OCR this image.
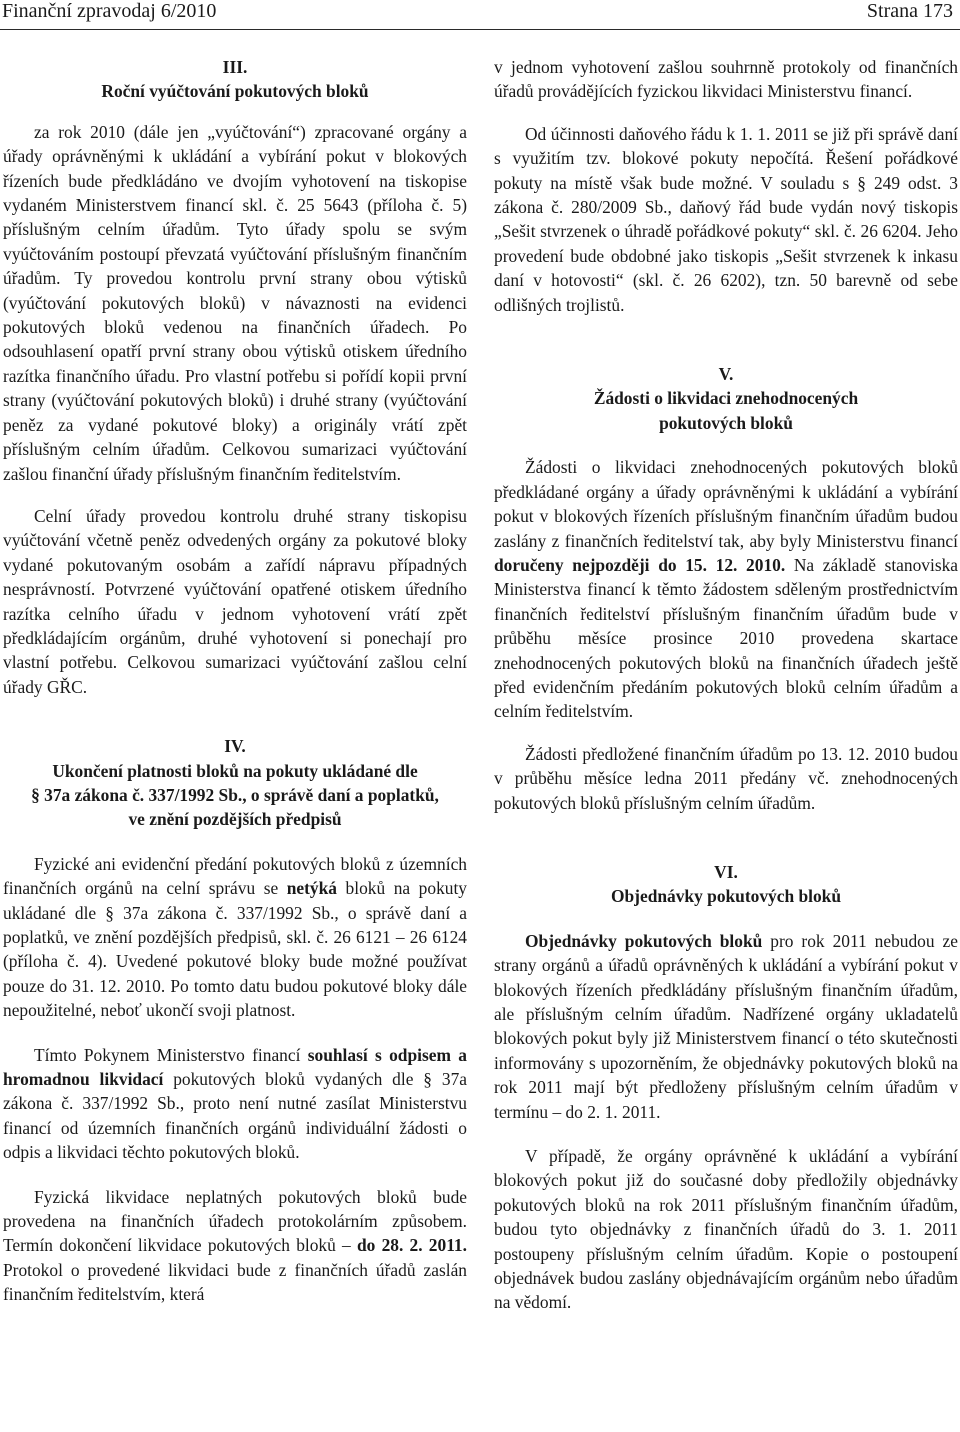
Finanční zpravodaj 6/2010	Strana 173
III.
Roční vyúčtování pokutových bloků

za rok 2010 (dále jen „vyúčtování“) zpracované orgány a úřady oprávněnými k ukládání a vybírání pokut v blokových řízeních bude předkládáno ve dvojím vyhotovení na tiskopise vydaném Ministerstvem financí skl. č. 25 5643 (příloha č. 5) příslušným celním úřadům. Tyto úřady spolu se svým vyúčtováním postoupí převzatá vyúčtování příslušným finančním úřadům. Ty provedou kontrolu první strany obou výtisků (vyúčtování pokutových bloků) v návaznosti na evidenci pokutových bloků vedenou na finančních úřadech. Po odsouhlasení opatří první strany obou výtisků otiskem úředního razítka finančního úřadu. Pro vlastní potřebu si pořídí kopii první strany (vyúčtování pokutových bloků) i druhé strany (vyúčtování peněz za vydané pokutové bloky) a originály vrátí zpět příslušným celním úřadům. Celkovou sumarizaci vyúčtování zašlou finanční úřady příslušným finančním ředitelstvím.

Celní úřady provedou kontrolu druhé strany tiskopisu vyúčtování včetně peněz odvedených orgány za pokutové bloky vydané pokutovaným osobám a zařídí nápravu případných nesprávností. Potvrzené vyúčtování opatřené otiskem úředního razítka celního úřadu v jednom vyhotovení vrátí zpět předkládajícím orgánům, druhé vyhotovení si ponechají pro vlastní potřebu. Celkovou sumarizaci vyúčtování zašlou celní úřady GŘC.

IV.
Ukončení platnosti bloků na pokuty ukládané dle
§ 37a zákona č. 337/1992 Sb., o správě daní a poplatků,
ve znění pozdějších předpisů

Fyzické ani evidenční předání pokutových bloků z územních finančních orgánů na celní správu se netýká bloků na pokuty ukládané dle § 37a zákona č. 337/1992 Sb., o správě daní a poplatků, ve znění pozdějších předpisů, skl. č. 26 6121 – 26 6124 (příloha č. 4). Uvedené pokutové bloky bude možné používat pouze do 31. 12. 2010. Po tomto datu budou pokutové bloky dále nepoužitelné, neboť ukončí svoji platnost.

Tímto Pokynem Ministerstvo financí souhlasí s odpisem a hromadnou likvidací pokutových bloků vydaných dle § 37a zákona č. 337/1992 Sb., proto není nutné zasílat Ministerstvu financí od územních finančních orgánů individuální žádosti o odpis a likvidaci těchto pokutových bloků.

Fyzická likvidace neplatných pokutových bloků bude provedena na finančních úřadech protokolárním způsobem. Termín dokončení likvidace pokutových bloků – do 28. 2. 2011. Protokol o provedené likvidaci bude z finančních úřadů zaslán finančním ředitelstvím, která

v jednom vyhotovení zašlou souhrnně protokoly od finančních úřadů provádějících fyzickou likvidaci Ministerstvu financí.

Od účinnosti daňového řádu k 1. 1. 2011 se již při správě daní s využitím tzv. blokové pokuty nepočítá. Řešení pořádkové pokuty na místě však bude možné. V souladu s § 249 odst. 3 zákona č. 280/2009 Sb., daňový řád bude vydán nový tiskopis „Sešit stvrzenek o úhradě pořádkové pokuty“ skl. č. 26 6204. Jeho provedení bude obdobné jako tiskopis „Sešit stvrzenek k inkasu daní v hotovosti“ (skl. č. 26 6202), tzn. 50 barevně od sebe odlišných trojlistů.

V.
Žádosti o likvidaci znehodnocených
pokutových bloků

Žádosti o likvidaci znehodnocených pokutových bloků předkládané orgány a úřady oprávněnými k ukládání a vybírání pokut v blokových řízeních příslušným finančním úřadům budou zaslány z finančních ředitelství tak, aby byly Ministerstvu financí doručeny nejpozději do 15. 12. 2010. Na základě stanoviska Ministerstva financí k těmto žádostem sděleným prostřednictvím finančních ředitelství příslušným finančním úřadům bude v průběhu měsíce prosince 2010 provedena skartace znehodnocených pokutových bloků na finančních úřadech ještě před evidenčním předáním pokutových bloků celním úřadům a celním ředitelstvím.

Žádosti předložené finančním úřadům po 13. 12. 2010 budou v průběhu měsíce ledna 2011 předány vč. znehodnocených pokutových bloků příslušným celním úřadům.

VI.
Objednávky pokutových bloků

Objednávky pokutových bloků pro rok 2011 nebudou ze strany orgánů a úřadů oprávněných k ukládání a vybírání pokut v blokových řízeních předkládány příslušným finančním úřadům, ale příslušným celním úřadům. Nadřízené orgány ukladatelů blokových pokut byly již Ministerstvem financí o této skutečnosti informovány s upozorněním, že objednávky pokutových bloků na rok 2011 mají být předloženy příslušným celním úřadům v termínu – do 2. 1. 2011.

V případě, že orgány oprávněné k ukládání a vybírání blokových pokut již do současné doby předložily objednávky pokutových bloků na rok 2011 příslušným finančním úřadům, budou tyto objednávky z finančních úřadů do 3. 1. 2011 postoupeny příslušným celním úřadům. Kopie o postoupení objednávek budou zaslány objednávajícím orgánům nebo úřadům na vědomí.
